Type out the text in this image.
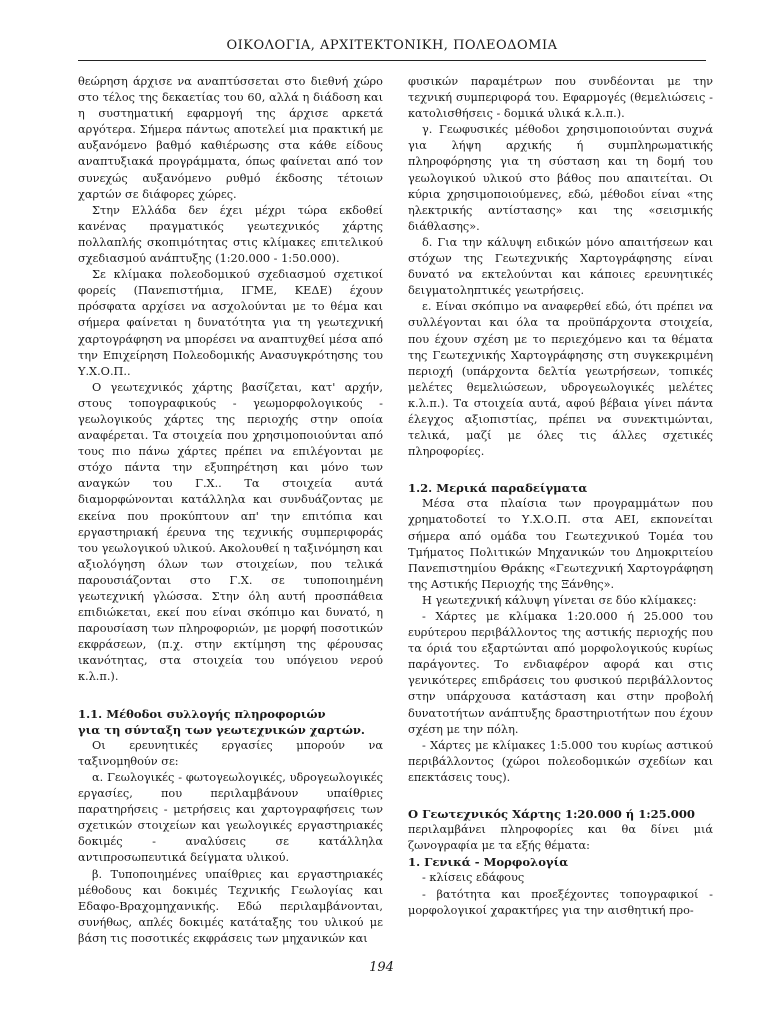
ΟΙΚΟΛΟΓΙΑ, ΑΡΧΙΤΕΚΤΟΝΙΚΗ, ΠΟΛΕΟΔΟΜΙΑ

θεώρηση άρχισε να αναπτύσσεται στο διεθνή χώρο στο τέλος της δεκαετίας του 60, αλλά η διάδοση και η συστηματική εφαρμογή της άρχισε αρκετά αργότερα. Σήμερα πάντως αποτελεί μια πρακτική με αυξανόμενο βαθμό καθιέρωσης στα κάθε είδους αναπτυξιακά προγράμματα, όπως φαίνεται από τον συνεχώς αυξανόμενο ρυθμό έκδοσης τέτοιων χαρτών σε διάφορες χώρες.

Στην Ελλάδα δεν έχει μέχρι τώρα εκδοθεί κανένας πραγματικός γεωτεχνικός χάρτης πολλαπλής σκοπιμότητας στις κλίμακες επιτελικού σχεδιασμού ανάπτυξης (1:20.000 - 1:50.000).

Σε κλίμακα πολεοδομικού σχεδιασμού σχετικοί φορείς (Πανεπιστήμια, ΙΓΜΕ, ΚΕΔΕ) έχουν πρόσφατα αρχίσει να ασχολούνται με το θέμα και σήμερα φαίνεται η δυνατότητα για τη γεωτεχνική χαρτογράφηση να μπορέσει να αναπτυχθεί μέσα από την Επιχείρηση Πολεοδομικής Ανασυγκρότησης του Υ.Χ.Ο.Π..

Ο γεωτεχνικός χάρτης βασίζεται, κατ' αρχήν, στους τοπογραφικούς - γεωμορφολογικούς - γεωλογικούς χάρτες της περιοχής στην οποία αναφέρεται. Τα στοιχεία που χρησιμοποιούνται από τους πιο πάνω χάρτες πρέπει να επιλέγονται με στόχο πάντα την εξυπηρέτηση και μόνο των αναγκών του Γ.Χ.. Τα στοιχεία αυτά διαμορφώνονται κατάλληλα και συνδυάζοντας με εκείνα που προκύπτουν απ' την επιτόπια και εργαστηριακή έρευνα της τεχνικής συμπεριφοράς του γεωλογικού υλικού. Ακολουθεί η ταξινόμηση και αξιολόγηση όλων των στοιχείων, που τελικά παρουσιάζονται στο Γ.Χ. σε τυποποιημένη γεωτεχνική γλώσσα. Στην όλη αυτή προσπάθεια επιδιώκεται, εκεί που είναι σκόπιμο και δυνατό, η παρουσίαση των πληροφοριών, με μορφή ποσοτικών εκφράσεων, (π.χ. στην εκτίμηση της φέρουσας ικανότητας, στα στοιχεία του υπόγειου νερού κ.λ.π.).

1.1. Μέθοδοι συλλογής πληροφοριών
για τη σύνταξη των γεωτεχνικών χαρτών.

Οι ερευνητικές εργασίες μπορούν να ταξινομηθούν σε:

α. Γεωλογικές - φωτογεωλογικές, υδρογεωλογικές εργασίες, που περιλαμβάνουν υπαίθριες παρατηρήσεις - μετρήσεις και χαρτογραφήσεις των σχετικών στοιχείων και γεωλογικές εργαστηριακές δοκιμές - αναλύσεις σε κατάλληλα αντιπροσωπευτικά δείγματα υλικού.

β. Τυποποιημένες υπαίθριες και εργαστηριακές μέθοδους και δοκιμές Τεχνικής Γεωλογίας και Εδαφο-Βραχομηχανικής. Εδώ περιλαμβάνονται, συνήθως, απλές δοκιμές κατάταξης του υλικού με βάση τις ποσοτικές εκφράσεις των μηχανικών και

φυσικών παραμέτρων που συνδέονται με την τεχνική συμπεριφορά του. Εφαρμογές (θεμελιώσεις - κατολισθήσεις - δομικά υλικά κ.λ.π.).

γ. Γεωφυσικές μέθοδοι χρησιμοποιούνται συχνά για λήψη αρχικής ή συμπληρωματικής πληροφόρησης για τη σύσταση και τη δομή του γεωλογικού υλικού στο βάθος που απαιτείται. Οι κύρια χρησιμοποιούμενες, εδώ, μέθοδοι είναι «της ηλεκτρικής αντίστασης» και της «σεισμικής διάθλασης».

δ. Για την κάλυψη ειδικών μόνο απαιτήσεων και στόχων της Γεωτεχνικής Χαρτογράφησης είναι δυνατό να εκτελούνται και κάποιες ερευνητικές δειγματοληπτικές γεωτρήσεις.

ε. Είναι σκόπιμο να αναφερθεί εδώ, ότι πρέπει να συλλέγονται και όλα τα προϋπάρχοντα στοιχεία, που έχουν σχέση με το περιεχόμενο και τα θέματα της Γεωτεχνικής Χαρτογράφησης στη συγκεκριμένη περιοχή (υπάρχοντα δελτία γεωτρήσεων, τοπικές μελέτες θεμελιώσεων, υδρογεωλογικές μελέτες κ.λ.π.). Τα στοιχεία αυτά, αφού βέβαια γίνει πάντα έλεγχος αξιοπιστίας, πρέπει να συνεκτιμώνται, τελικά, μαζί με όλες τις άλλες σχετικές πληροφορίες.

1.2. Μερικά παραδείγματα

Μέσα στα πλαίσια των προγραμμάτων που χρηματοδοτεί το Υ.Χ.Ο.Π. στα ΑΕΙ, εκπονείται σήμερα από ομάδα του Γεωτεχνικού Τομέα του Τμήματος Πολιτικών Μηχανικών του Δημοκριτείου Πανεπιστημίου Θράκης «Γεωτεχνική Χαρτογράφηση της Αστικής Περιοχής της Ξάνθης».

Η γεωτεχνική κάλυψη γίνεται σε δύο κλίμακες:

- Χάρτες με κλίμακα 1:20.000 ή 25.000 του ευρύτερου περιβάλλοντος της αστικής περιοχής που τα όριά του εξαρτώνται από μορφολογικούς κυρίως παράγοντες. Το ενδιαφέρον αφορά και στις γενικότερες επιδράσεις του φυσικού περιβάλλοντος στην υπάρχουσα κατάσταση και στην προβολή δυνατοτήτων ανάπτυξης δραστηριοτήτων που έχουν σχέση με την πόλη.

- Χάρτες με κλίμακες 1:5.000 του κυρίως αστικού περιβάλλοντος (χώροι πολεοδομικών σχεδίων και επεκτάσεις τους).

Ο Γεωτεχνικός Χάρτης 1:20.000 ή 1:25.000

περιλαμβάνει πληροφορίες και θα δίνει μιά ζωνογραφία με τα εξής θέματα:

1. Γενικά - Μορφολογία

- κλίσεις εδάφους

- βατότητα και προεξέχοντες τοπογραφικοί - μορφολογικοί χαρακτήρες για την αισθητική προ-

194
